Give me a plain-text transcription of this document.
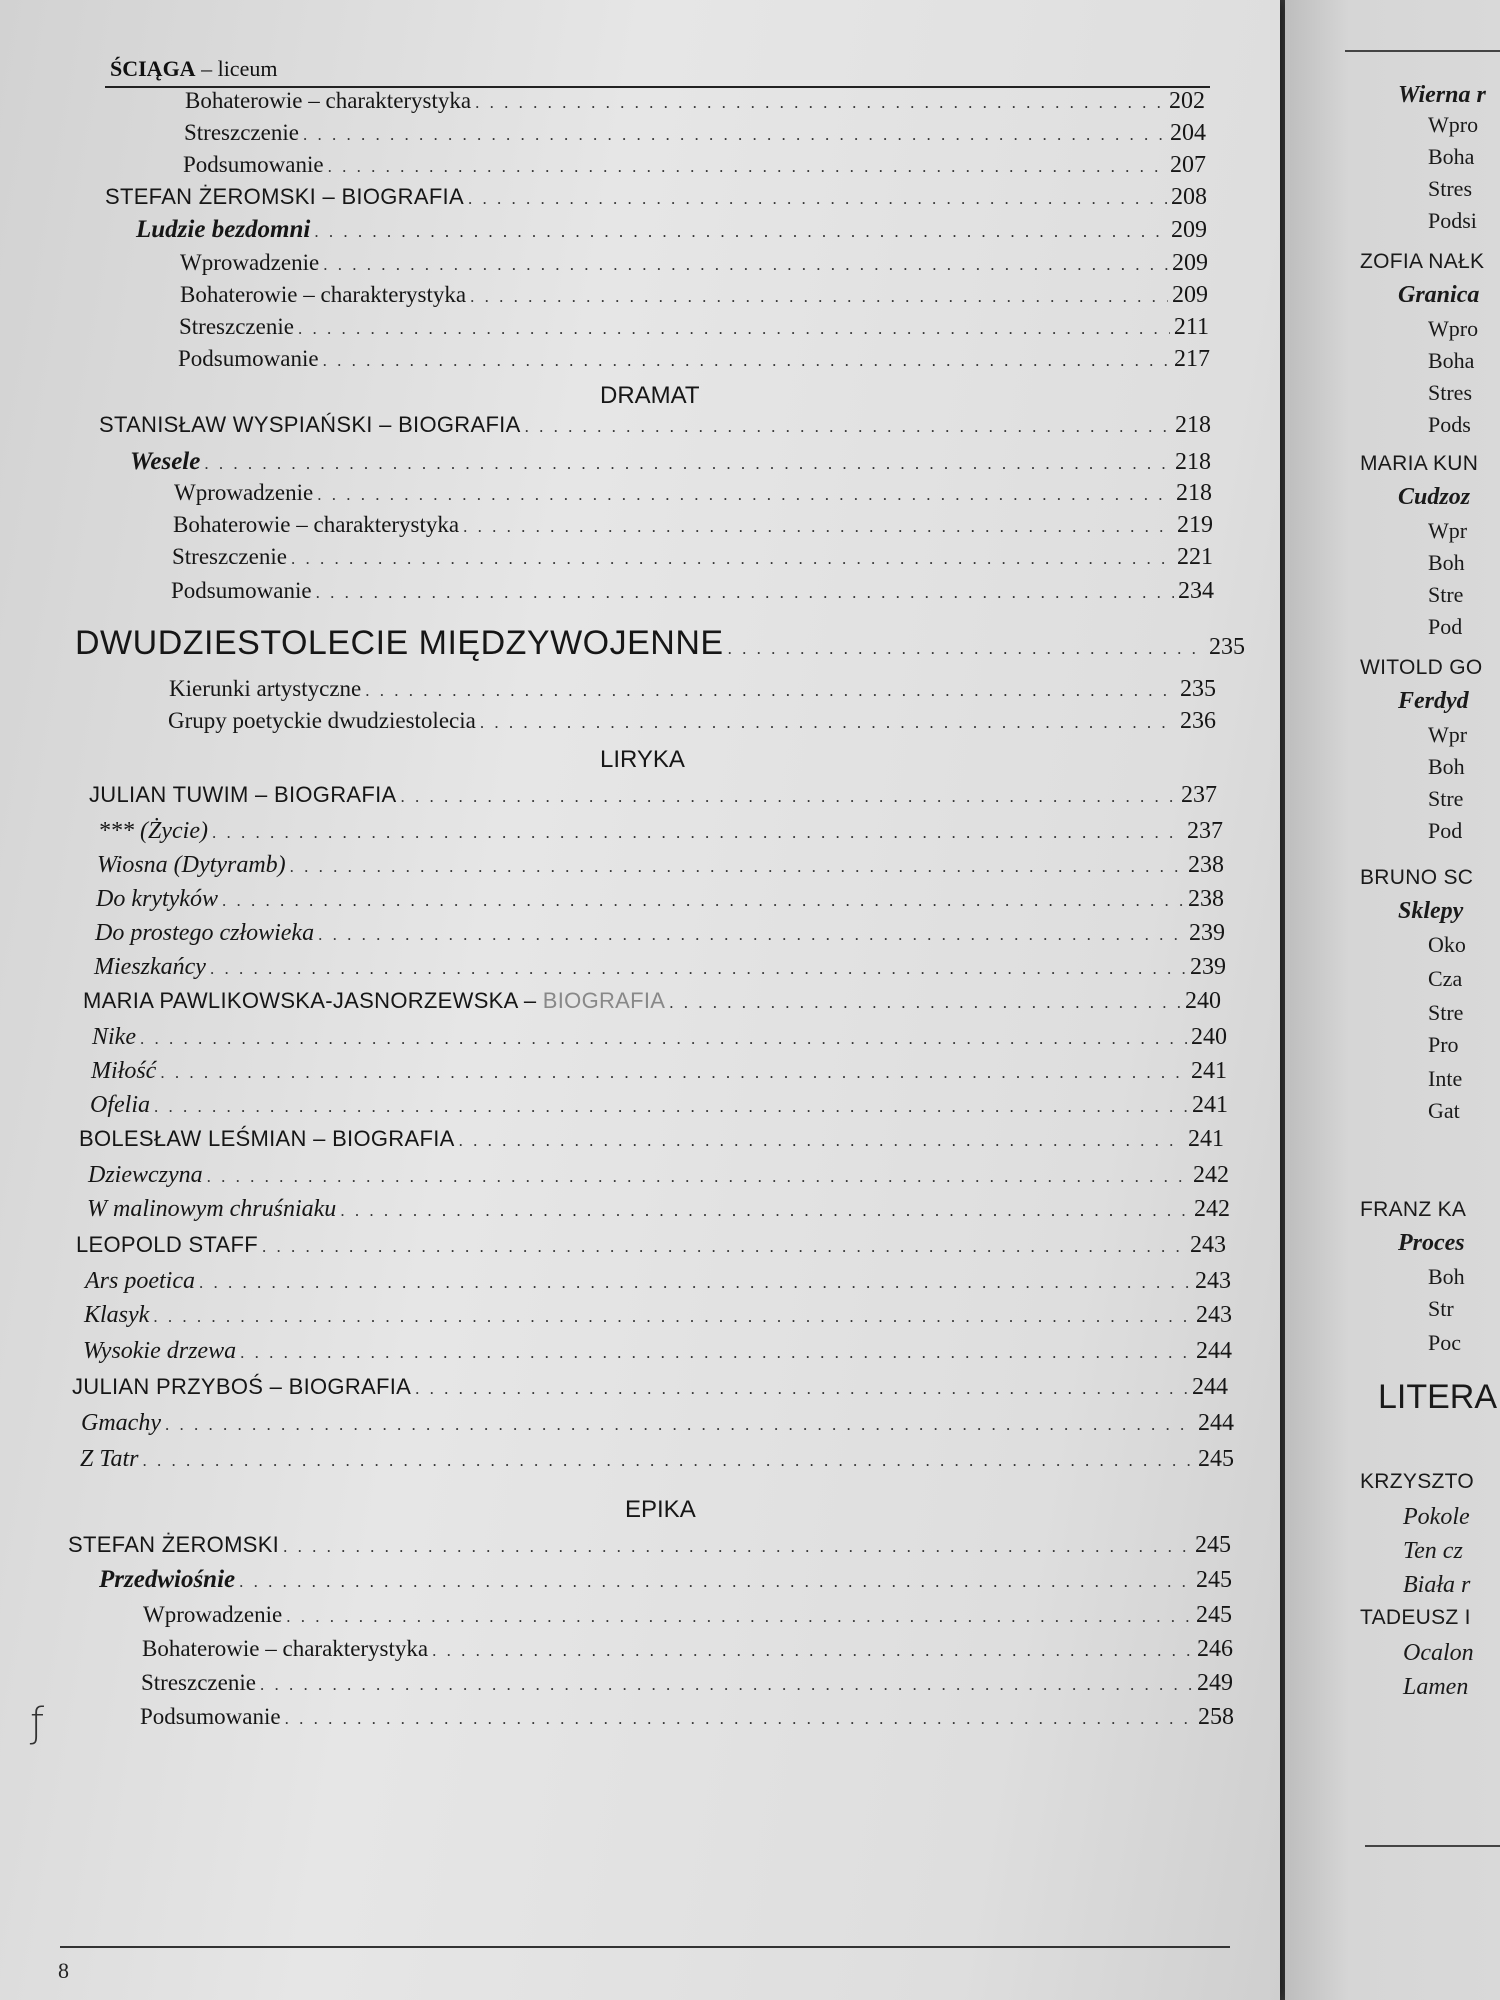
ŚCIĄGA – liceum
Bohaterowie – charakterystyka . . .	202
Streszczenie . . .	204
Podsumowanie . . .	207
STEFAN ŻEROMSKI – BIOGRAFIA . . .	208
Ludzie bezdomni . . .	209
Wprowadzenie . . .	209
Bohaterowie – charakterystyka . . .	209
Streszczenie . . .	211
Podsumowanie . . .	217
DRAMAT
STANISŁAW WYSPIAŃSKI – BIOGRAFIA . . .	218
Wesele . . .	218
Wprowadzenie . . .	218
Bohaterowie – charakterystyka . . .	219
Streszczenie . . .	221
Podsumowanie . . .	234
DWUDZIESTOLECIE MIĘDZYWOJENNE . . .	235
Kierunki artystyczne . . .	235
Grupy poetyckie dwudziestolecia . . .	236
LIRYKA
JULIAN TUWIM – BIOGRAFIA . . .	237
*** (Życie) . . .	237
Wiosna (Dytyramb) . . .	238
Do krytyków . . .	238
Do prostego człowieka . . .	239
Mieszkańcy . . .	239
MARIA PAWLIKOWSKA-JASNORZEWSKA – BIOGRAFIA . . .	240
Nike . . .	240
Miłość . . .	241
Ofelia . . .	241
BOLESŁAW LEŚMIAN – BIOGRAFIA . . .	241
Dziewczyna . . .	242
W malinowym chruśniaku . . .	242
LEOPOLD STAFF . . .	243
Ars poetica . . .	243
Klasyk . . .	243
Wysokie drzewa . . .	244
JULIAN PRZYBOŚ – BIOGRAFIA . . .	244
Gmachy . . .	244
Z Tatr . . .	245
EPIKA
STEFAN ŻEROMSKI . . .	245
Przedwiośnie . . .	245
Wprowadzenie . . .	245
Bohaterowie – charakterystyka . . .	246
Streszczenie . . .	249
Podsumowanie . . .	258
ƒ
8
Wierna r
Wpro
Boha
Stres
Podsi
ZOFIA NAŁK
Granica
Wpro
Boha
Stres
Pods
MARIA KUN
Cudzoz
Wpr
Boh
Stre
Pod
WITOLD GO
Ferdyd
Wpr
Boh
Stre
Pod
BRUNO SC
Sklepy
Oko
Cza
Stre
Pro
Inte
Gat
FRANZ KA
Proces
Boh
Str
Poc
LITERA
KRZYSZTO
Pokole
Ten cz
Biała r
TADEUSZ I
Ocalon
Lamen
